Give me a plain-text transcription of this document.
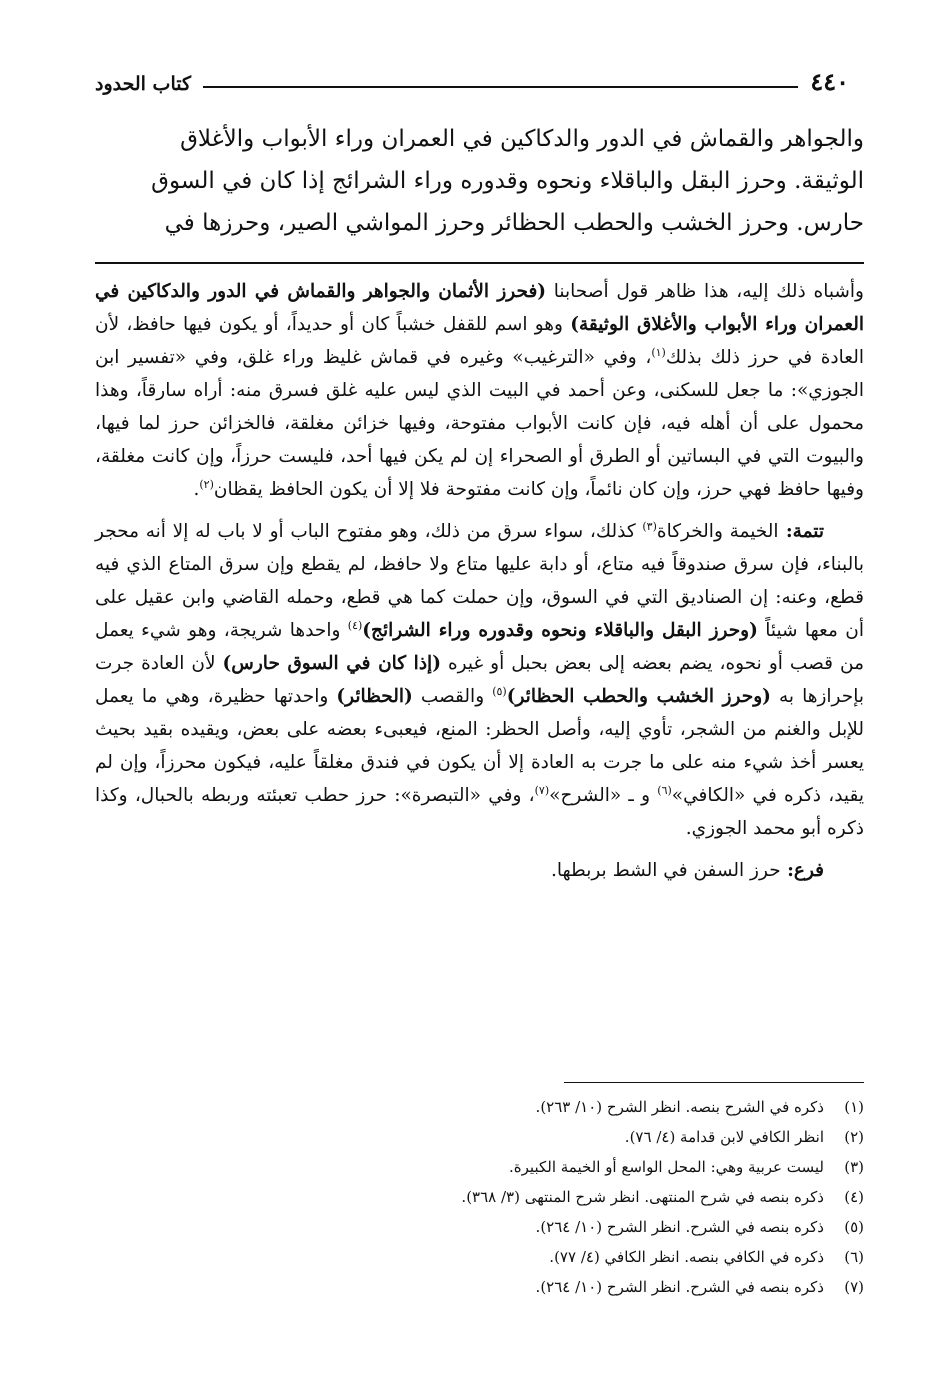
٤٤٠
كتاب الحدود
والجواهر والقماش في الدور والدكاكين في العمران وراء الأبواب والأغلاق
الوثيقة. وحرز البقل والباقلاء ونحوه وقدوره وراء الشرائج إذا كان في السوق
حارس. وحرز الخشب والحطب الحظائر وحرز المواشي الصير، وحرزها في

وأشباه ذلك إليه، هذا ظاهر قول أصحابنا (فحرز الأثمان والجواهر والقماش في الدور والدكاكين في العمران وراء الأبواب والأغلاق الوثيقة) وهو اسم للقفل خشباً كان أو حديداً، أو يكون فيها حافظ، لأن العادة في حرز ذلك بذلك$^{(١)}$، وفي «الترغيب» وغيره في قماش غليظ وراء غلق، وفي «تفسير ابن الجوزي»: ما جعل للسكنى، وعن أحمد في البيت الذي ليس عليه غلق فسرق منه: أراه سارقاً، وهذا محمول على أن أهله فيه، فإن كانت الأبواب مفتوحة، وفيها خزائن مغلقة، فالخزائن حرز لما فيها، والبيوت التي في البساتين أو الطرق أو الصحراء إن لم يكن فيها أحد، فليست حرزاً، وإن كانت مغلقة، وفيها حافظ فهي حرز، وإن كان نائماً، وإن كانت مفتوحة فلا إلا أن يكون الحافظ يقظان$^{(٢)}$.

تتمة: الخيمة والخركاة$^{(٣)}$ كذلك، سواء سرق من ذلك، وهو مفتوح الباب أو لا باب له إلا أنه محجر بالبناء، فإن سرق صندوقاً فيه متاع، أو دابة عليها متاع ولا حافظ، لم يقطع وإن سرق المتاع الذي فيه قطع، وعنه: إن الصناديق التي في السوق، وإن حملت كما هي قطع، وحمله القاضي وابن عقيل على أن معها شيئاً (وحرز البقل والباقلاء ونحوه وقدوره وراء الشرائج)$^{(٤)}$ واحدها شريجة، وهو شيء يعمل من قصب أو نحوه، يضم بعضه إلى بعض بحبل أو غيره (إذا كان في السوق حارس) لأن العادة جرت بإحرازها به (وحرز الخشب والحطب الحظائر)$^{(٥)}$ والقصب (الحظائر) واحدتها حظيرة، وهي ما يعمل للإبل والغنم من الشجر، تأوي إليه، وأصل الحظر: المنع، فيعبىء بعضه على بعض، ويقيده بقيد بحيث يعسر أخذ شيء منه على ما جرت به العادة إلا أن يكون في فندق مغلقاً عليه، فيكون محرزاً، وإن لم يقيد، ذكره في «الكافي»$^{(٦)}$ و ـ «الشرح»$^{(٧)}$، وفي «التبصرة»: حرز حطب تعبئته وربطه بالحبال، وكذا ذكره أبو محمد الجوزي.

فرع: حرز السفن في الشط بربطها.

(١)
ذكره في الشرح بنصه. انظر الشرح (١٠/ ٢٦٣).
(٢)
انظر الكافي لابن قدامة (٤/ ٧٦).
(٣)
ليست عربية وهي: المحل الواسع أو الخيمة الكبيرة.
(٤)
ذكره بنصه في شرح المنتهى. انظر شرح المنتهى (٣/ ٣٦٨).
(٥)
ذكره بنصه في الشرح. انظر الشرح (١٠/ ٢٦٤).
(٦)
ذكره في الكافي بنصه. انظر الكافي (٤/ ٧٧).
(٧)
ذكره بنصه في الشرح. انظر الشرح (١٠/ ٢٦٤).
